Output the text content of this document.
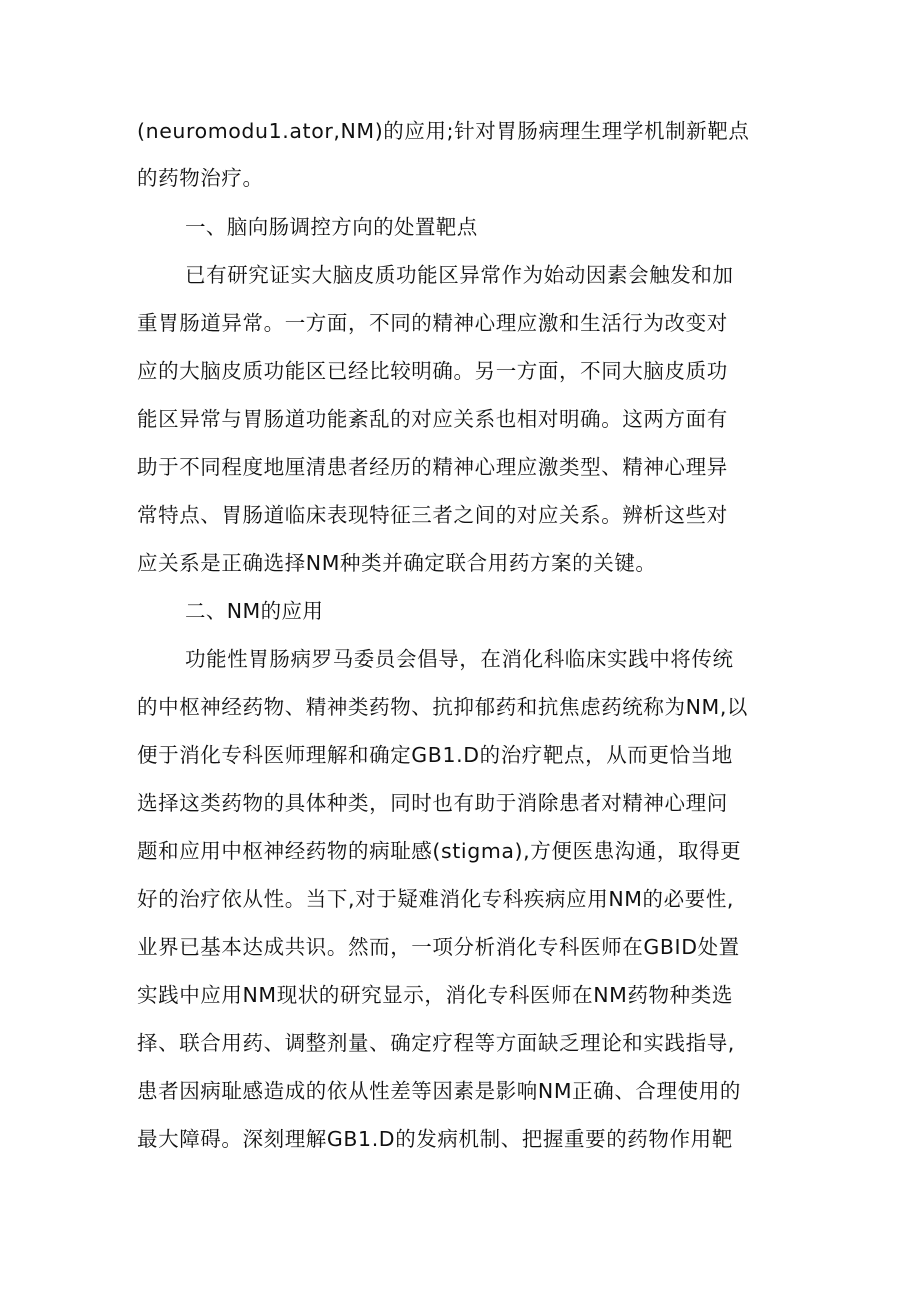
(neuromodu1.ator,NM)的应用;针对胃肠病理生理学机制新靶点
的药物治疗。
一、脑向肠调控方向的处置靶点
已有研究证实大脑皮质功能区异常作为始动因素会触发和加
重胃肠道异常。一方面，不同的精神心理应激和生活行为改变对
应的大脑皮质功能区已经比较明确。另一方面，不同大脑皮质功
能区异常与胃肠道功能紊乱的对应关系也相对明确。这两方面有
助于不同程度地厘清患者经历的精神心理应激类型、精神心理异
常特点、胃肠道临床表现特征三者之间的对应关系。辨析这些对
应关系是正确选择NM种类并确定联合用药方案的关键。
二、NM的应用
功能性胃肠病罗马委员会倡导，在消化科临床实践中将传统
的中枢神经药物、精神类药物、抗抑郁药和抗焦虑药统称为NM,以
便于消化专科医师理解和确定GB1.D的治疗靶点，从而更恰当地
选择这类药物的具体种类，同时也有助于消除患者对精神心理问
题和应用中枢神经药物的病耻感(stigma),方便医患沟通，取得更
好的治疗依从性。当下,对于疑难消化专科疾病应用NM的必要性,
业界已基本达成共识。然而，一项分析消化专科医师在GBID处置
实践中应用NM现状的研究显示，消化专科医师在NM药物种类选
择、联合用药、调整剂量、确定疗程等方面缺乏理论和实践指导,
患者因病耻感造成的依从性差等因素是影响NM正确、合理使用的
最大障碍。深刻理解GB1.D的发病机制、把握重要的药物作用靶
